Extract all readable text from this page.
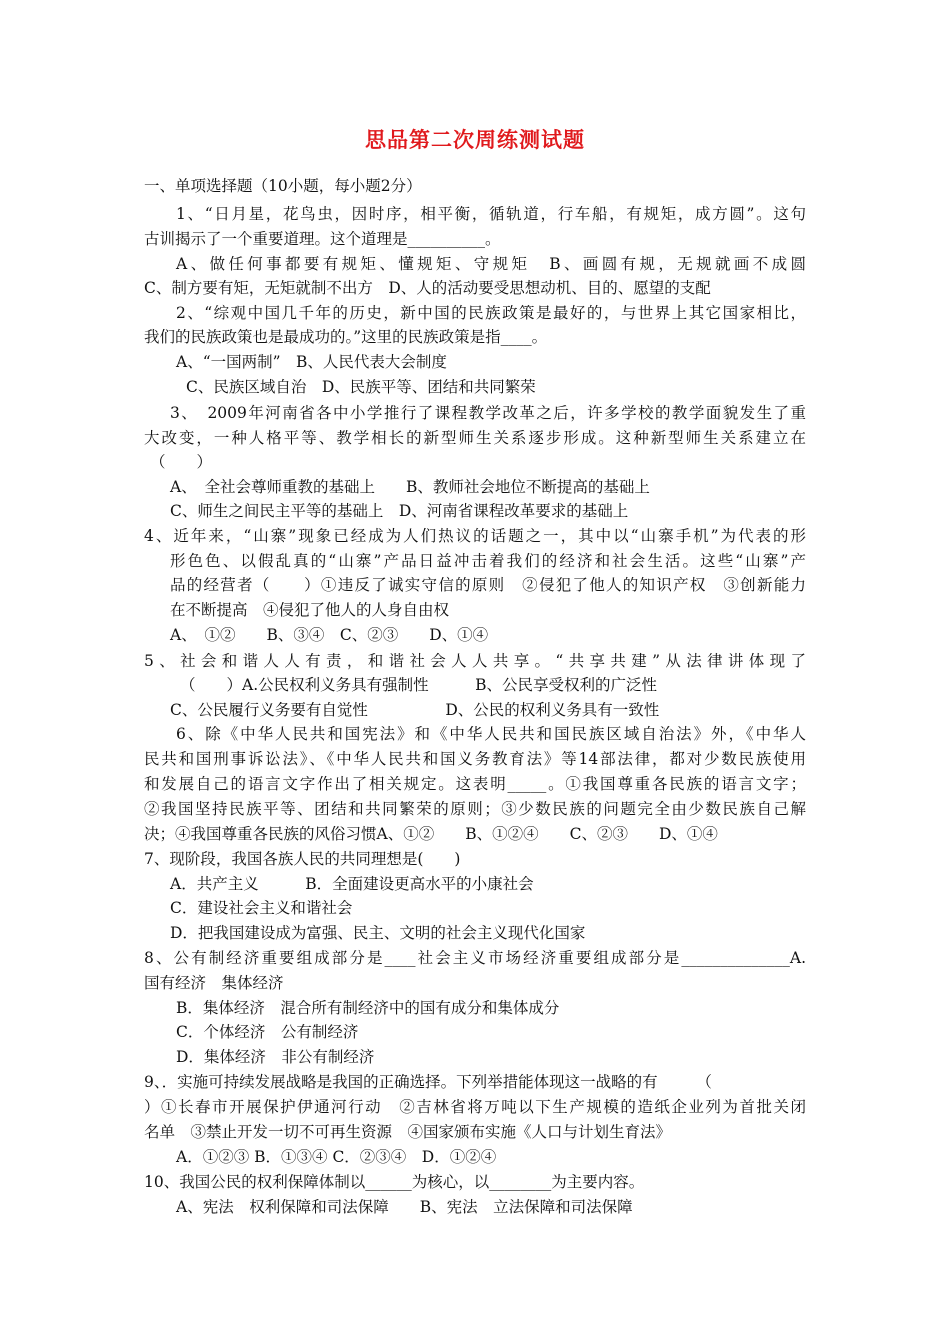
思品第二次周练测试题
一、单项选择题（10小题，每小题2分）
1、“日月星，花鸟虫，因时序，相平衡，循轨道，行车船，有规矩，成方圆”。这句
古训揭示了一个重要道理。这个道理是__________。
A、做任何事都要有规矩、懂规矩、守规矩　B、画圆有规，无规就画不成圆
C、制方要有矩，无矩就制不出方　D、人的活动要受思想动机、目的、愿望的支配
2、“综观中国几千年的历史，新中国的民族政策是最好的，与世界上其它国家相比，
我们的民族政策也是最成功的。”这里的民族政策是指____。
A、“一国两制”　B、人民代表大会制度
C、民族区域自治　D、民族平等、团结和共同繁荣
3、　2009年河南省各中小学推行了课程教学改革之后，许多学校的教学面貌发生了重
大改变，一种人格平等、教学相长的新型师生关系逐步形成。这种新型师生关系建立在
（　　）
A、　全社会尊师重教的基础上　　B、教师社会地位不断提高的基础上
C、师生之间民主平等的基础上　D、河南省课程改革要求的基础上
4、近年来，“山寨”现象已经成为人们热议的话题之一，其中以“山寨手机”为代表的形
形色色、以假乱真的“山寨”产品日益冲击着我们的经济和社会生活。这些“山寨”产
品的经营者（　　）①违反了诚实守信的原则　②侵犯了他人的知识产权　③创新能力
在不断提高　④侵犯了他人的人身自由权
A、　①②　　B、③④　C、②③　　D、①④
5、社会和谐人人有责，和谐社会人人共享。“共享共建”从法律讲体现了
（　　）A.公民权利义务具有强制性　　　B、公民享受权利的广泛性
C、公民履行义务要有自觉性　　　　　D、公民的权利义务具有一致性
6、除《中华人民共和国宪法》和《中华人民共和国民族区域自治法》外，《中华人
民共和国刑事诉讼法》、《中华人民共和国义务教育法》等14部法律，都对少数民族使用
和发展自己的语言文字作出了相关规定。这表明_____。①我国尊重各民族的语言文字；
②我国坚持民族平等、团结和共同繁荣的原则；③少数民族的问题完全由少数民族自己解
决；④我国尊重各民族的风俗习惯A、①②　　B、①②④　　C、②③　　D、①④
7、现阶段，我国各族人民的共同理想是(　　)
A．共产主义　　　B．全面建设更高水平的小康社会
C．建设社会主义和谐社会
D．把我国建设成为富强、民主、文明的社会主义现代化国家
8、公有制经济重要组成部分是____社会主义市场经济重要组成部分是______________A.
国有经济　集体经济
B．集体经济　混合所有制经济中的国有成分和集体成分
C．个体经济　公有制经济
D．集体经济　非公有制经济
9、．实施可持续发展战略是我国的正确选择。下列举措能体现这一战略的有　　　（
）①长春市开展保护伊通河行动　②吉林省将万吨以下生产规模的造纸企业列为首批关闭
名单　③禁止开发一切不可再生资源　④国家颁布实施《人口与计划生育法》
A．①②③ B．①③④ C．②③④　D．①②④
10、我国公民的权利保障体制以______为核心，以________为主要内容。
A、宪法　权利保障和司法保障　　B、宪法　立法保障和司法保障
